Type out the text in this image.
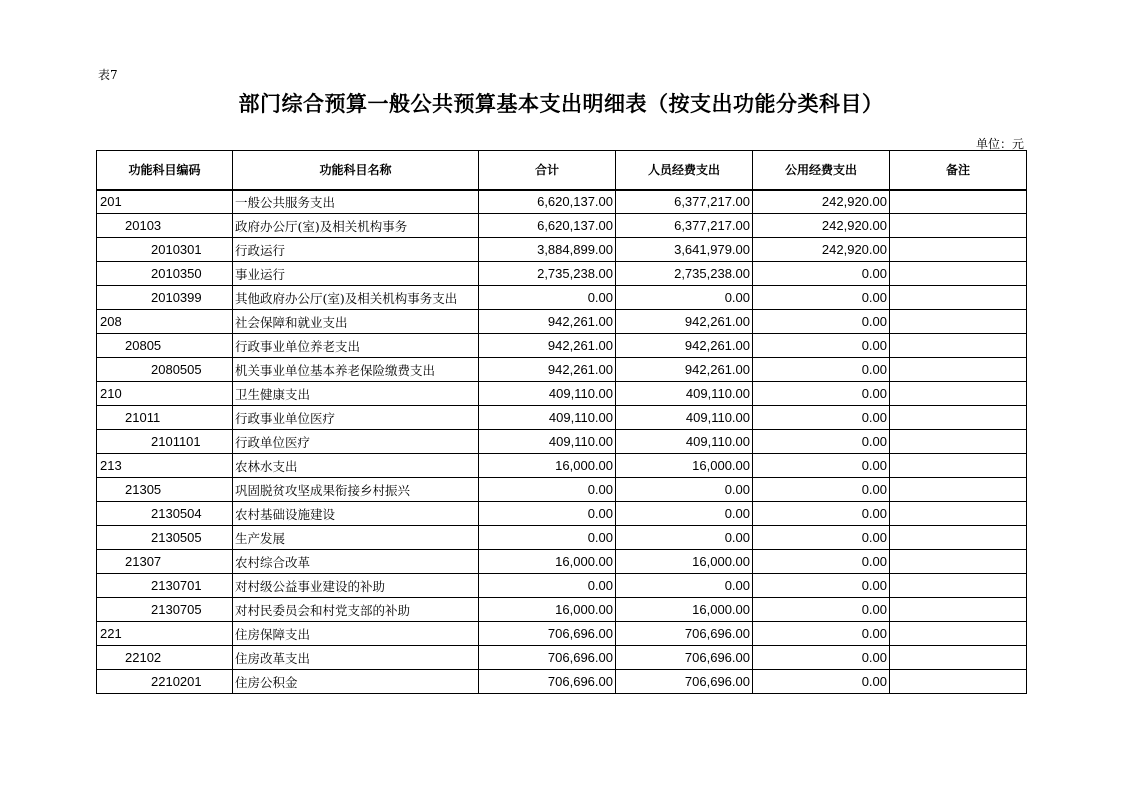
表7
部门综合预算一般公共预算基本支出明细表（按支出功能分类科目）
单位：元
功能科目编码	功能科目名称	合计	人员经费支出	公用经费支出	备注
201	一般公共服务支出	6,620,137.00	6,377,217.00	242,920.00	
20103	政府办公厅(室)及相关机构事务	6,620,137.00	6,377,217.00	242,920.00	
2010301	行政运行	3,884,899.00	3,641,979.00	242,920.00	
2010350	事业运行	2,735,238.00	2,735,238.00	0.00	
2010399	其他政府办公厅(室)及相关机构事务支出	0.00	0.00	0.00	
208	社会保障和就业支出	942,261.00	942,261.00	0.00	
20805	行政事业单位养老支出	942,261.00	942,261.00	0.00	
2080505	机关事业单位基本养老保险缴费支出	942,261.00	942,261.00	0.00	
210	卫生健康支出	409,110.00	409,110.00	0.00	
21011	行政事业单位医疗	409,110.00	409,110.00	0.00	
2101101	行政单位医疗	409,110.00	409,110.00	0.00	
213	农林水支出	16,000.00	16,000.00	0.00	
21305	巩固脱贫攻坚成果衔接乡村振兴	0.00	0.00	0.00	
2130504	农村基础设施建设	0.00	0.00	0.00	
2130505	生产发展	0.00	0.00	0.00	
21307	农村综合改革	16,000.00	16,000.00	0.00	
2130701	对村级公益事业建设的补助	0.00	0.00	0.00	
2130705	对村民委员会和村党支部的补助	16,000.00	16,000.00	0.00	
221	住房保障支出	706,696.00	706,696.00	0.00	
22102	住房改革支出	706,696.00	706,696.00	0.00	
2210201	住房公积金	706,696.00	706,696.00	0.00	
